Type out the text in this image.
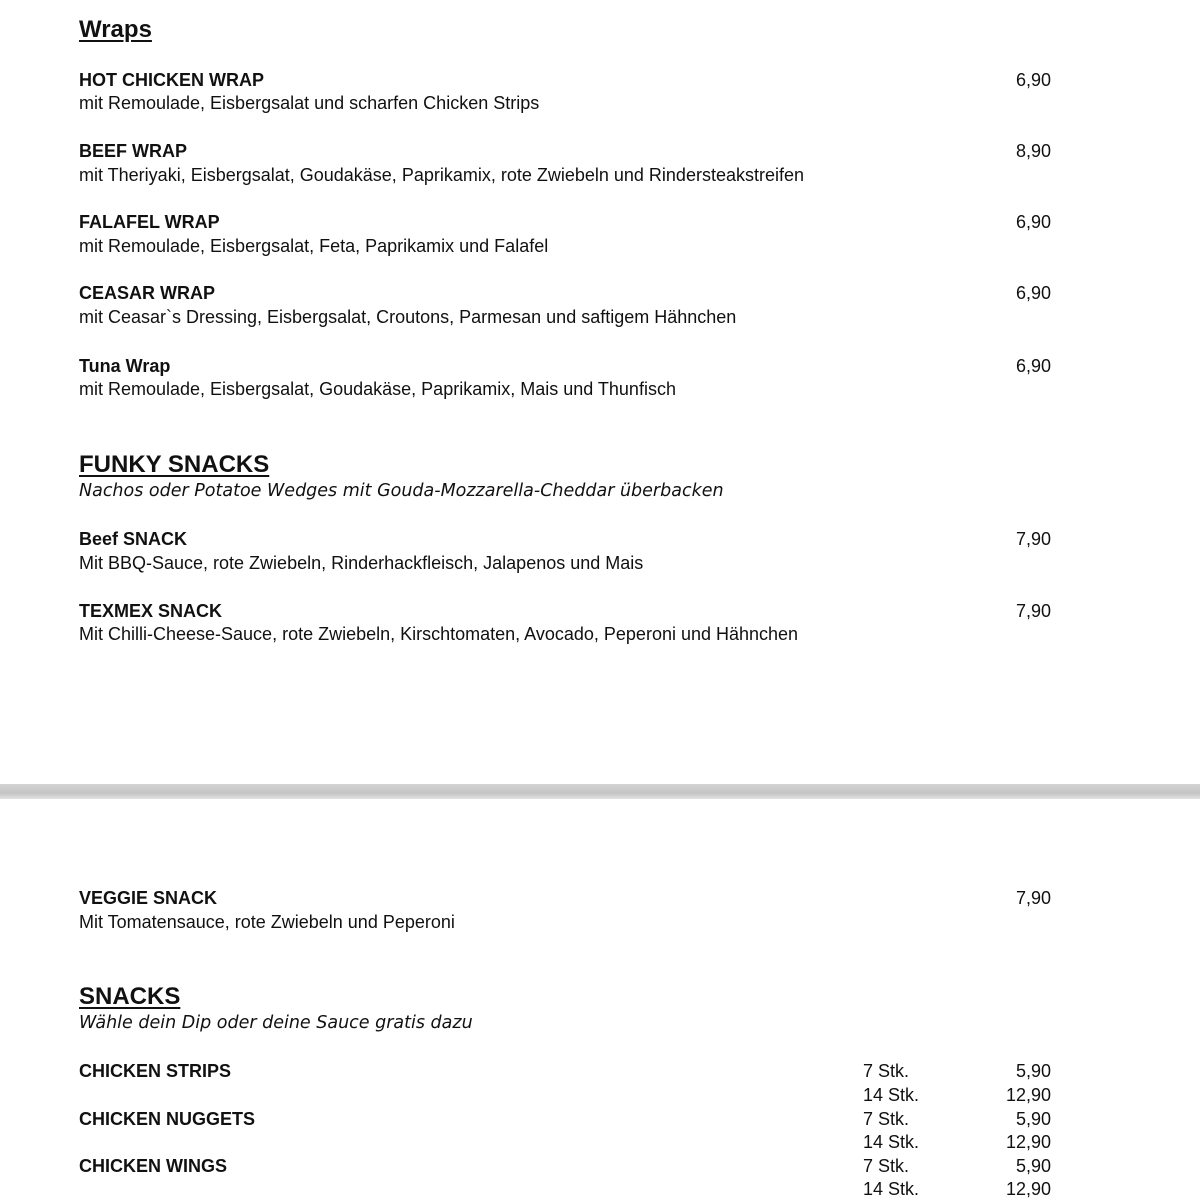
Wraps
HOT CHICKEN WRAP	6,90
mit Remoulade, Eisbergsalat und scharfen Chicken Strips
BEEF WRAP	8,90
mit Theriyaki, Eisbergsalat, Goudakäse, Paprikamix, rote Zwiebeln und Rindersteakstreifen
FALAFEL WRAP	6,90
mit Remoulade, Eisbergsalat, Feta, Paprikamix und Falafel
CEASAR WRAP	6,90
mit Ceasar`s Dressing, Eisbergsalat, Croutons, Parmesan und saftigem Hähnchen
Tuna Wrap	6,90
mit Remoulade, Eisbergsalat, Goudakäse, Paprikamix, Mais und Thunfisch
FUNKY SNACKS
Nachos oder Potatoe Wedges mit Gouda-Mozzarella-Cheddar überbacken
Beef SNACK	7,90
Mit BBQ-Sauce, rote Zwiebeln, Rinderhackfleisch, Jalapenos und Mais
TEXMEX SNACK	7,90
Mit Chilli-Cheese-Sauce, rote Zwiebeln, Kirschtomaten, Avocado, Peperoni und Hähnchen
VEGGIE SNACK	7,90
Mit Tomatensauce, rote Zwiebeln und Peperoni
SNACKS
Wähle dein Dip oder deine Sauce gratis dazu
CHICKEN STRIPS	7 Stk.	5,90
14 Stk.	12,90
CHICKEN NUGGETS	7 Stk.	5,90
14 Stk.	12,90
CHICKEN WINGS	7 Stk.	5,90
14 Stk.	12,90
